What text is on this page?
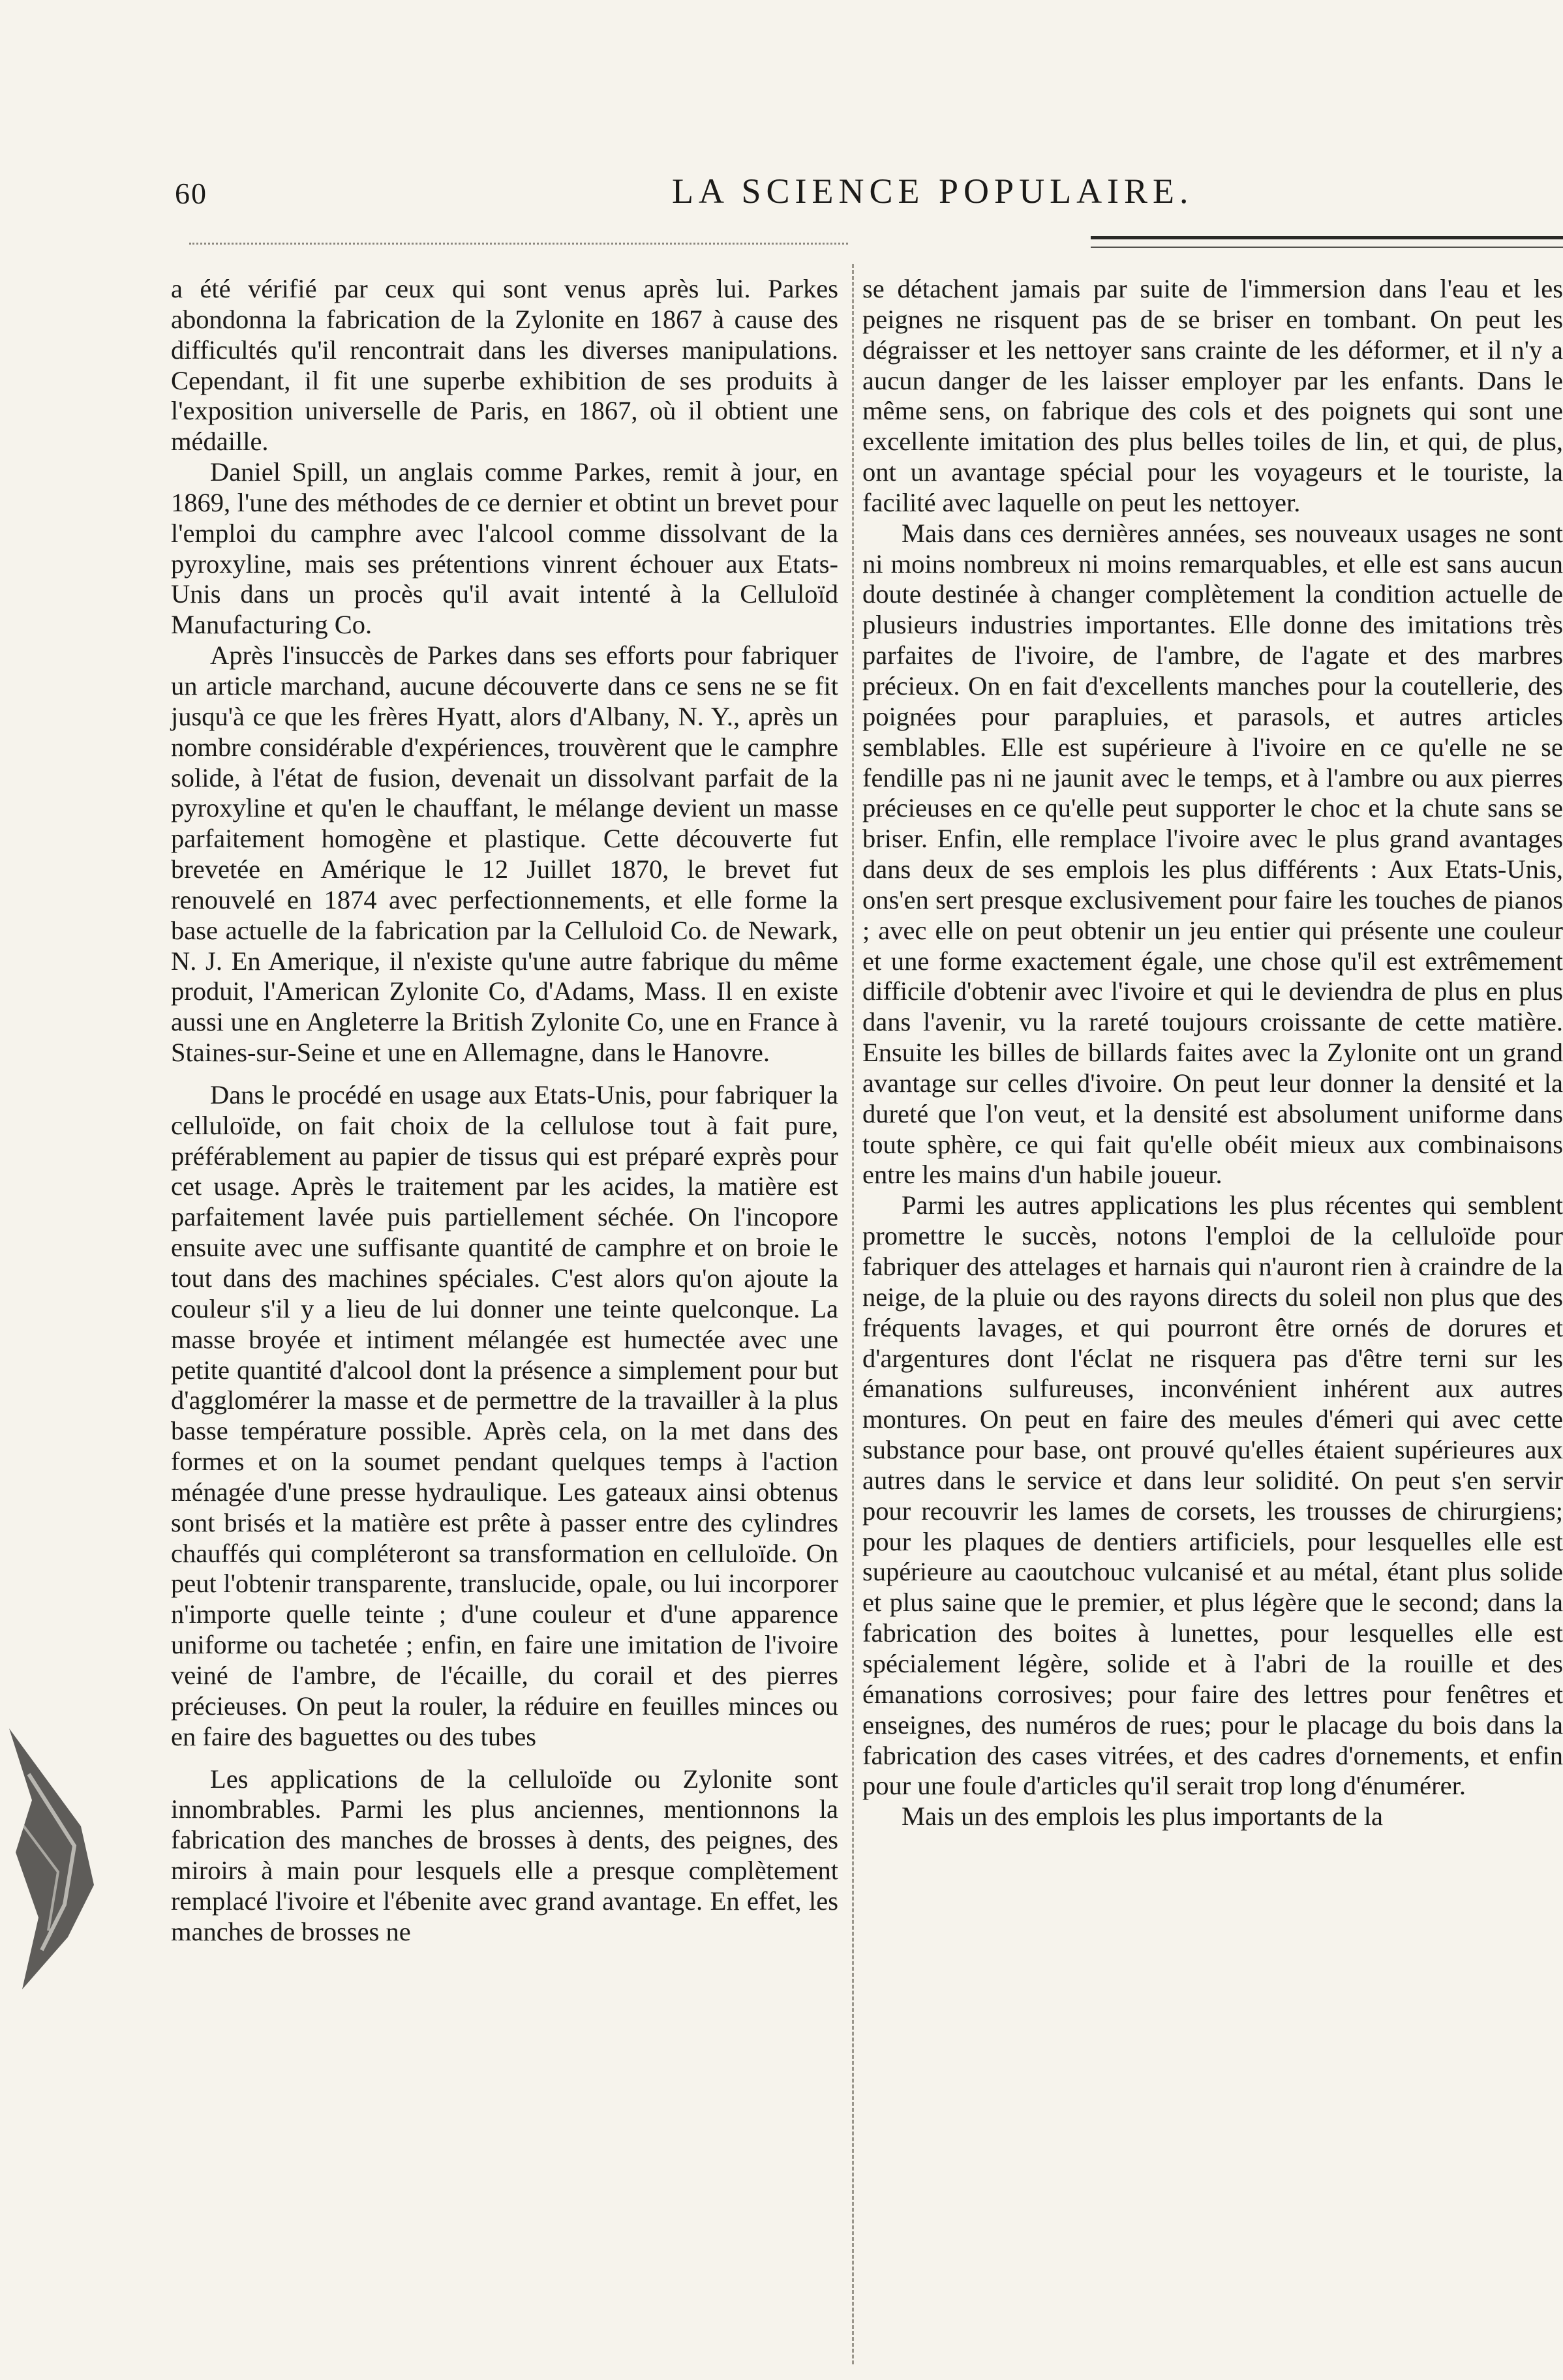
60	LA SCIENCE POPULAIRE.

a été vérifié par ceux qui sont venus après lui. Parkes abondonna la fabrication de la Zylonite en 1867 à cause des difficultés qu'il rencontrait dans les diverses manipulations. Cependant, il fit une superbe exhibition de ses produits à l'exposition universelle de Paris, en 1867, où il obtient une médaille.

Daniel Spill, un anglais comme Parkes, remit à jour, en 1869, l'une des méthodes de ce dernier et obtint un brevet pour l'emploi du camphre avec l'alcool comme dissolvant de la pyroxyline, mais ses prétentions vinrent échouer aux Etats-Unis dans un procès qu'il avait intenté à la Celluloïd Manufacturing Co.

Après l'insuccès de Parkes dans ses efforts pour fabriquer un article marchand, aucune découverte dans ce sens ne se fit jusqu'à ce que les frères Hyatt, alors d'Albany, N. Y., après un nombre considérable d'expériences, trouvèrent que le camphre solide, à l'état de fusion, devenait un dissolvant parfait de la pyroxyline et qu'en le chauffant, le mélange devient un masse parfaitement homogène et plastique. Cette découverte fut brevetée en Amérique le 12 Juillet 1870, le brevet fut renouvelé en 1874 avec perfectionnements, et elle forme la base actuelle de la fabrication par la Celluloid Co. de Newark, N. J. En Amerique, il n'existe qu'une autre fabrique du même produit, l'American Zylonite Co, d'Adams, Mass. Il en existe aussi une en Angleterre la British Zylonite Co, une en France à Staines-sur-Seine et une en Allemagne, dans le Hanovre.

Dans le procédé en usage aux Etats-Unis, pour fabriquer la celluloïde, on fait choix de la cellulose tout à fait pure, préférablement au papier de tissus qui est préparé exprès pour cet usage. Après le traitement par les acides, la matière est parfaitement lavée puis partiellement séchée. On l'incopore ensuite avec une suffisante quantité de camphre et on broie le tout dans des machines spéciales. C'est alors qu'on ajoute la couleur s'il y a lieu de lui donner une teinte quelconque. La masse broyée et intiment mélangée est humectée avec une petite quantité d'alcool dont la présence a simplement pour but d'agglomérer la masse et de permettre de la travailler à la plus basse température possible. Après cela, on la met dans des formes et on la soumet pendant quelques temps à l'action ménagée d'une presse hydraulique. Les gateaux ainsi obtenus sont brisés et la matière est prête à passer entre des cylindres chauffés qui compléteront sa transformation en celluloïde. On peut l'obtenir transparente, translucide, opale, ou lui incorporer n'importe quelle teinte ; d'une couleur et d'une apparence uniforme ou tachetée ; enfin, en faire une imitation de l'ivoire veiné de l'ambre, de l'écaille, du corail et des pierres précieuses. On peut la rouler, la réduire en feuilles minces ou en faire des baguettes ou des tubes

Les applications de la celluloïde ou Zylonite sont innombrables. Parmi les plus anciennes, mentionnons la fabrication des manches de brosses à dents, des peignes, des miroirs à main pour lesquels elle a presque complètement remplacé l'ivoire et l'ébenite avec grand avantage. En effet, les manches de brosses ne

se détachent jamais par suite de l'immersion dans l'eau et les peignes ne risquent pas de se briser en tombant. On peut les dégraisser et les nettoyer sans crainte de les déformer, et il n'y a aucun danger de les laisser employer par les enfants. Dans le même sens, on fabrique des cols et des poignets qui sont une excellente imitation des plus belles toiles de lin, et qui, de plus, ont un avantage spécial pour les voyageurs et le touriste, la facilité avec laquelle on peut les nettoyer.

Mais dans ces dernières années, ses nouveaux usages ne sont ni moins nombreux ni moins remarquables, et elle est sans aucun doute destinée à changer complètement la condition actuelle de plusieurs industries importantes. Elle donne des imitations très parfaites de l'ivoire, de l'ambre, de l'agate et des marbres précieux. On en fait d'excellents manches pour la coutellerie, des poignées pour parapluies, et parasols, et autres articles semblables. Elle est supérieure à l'ivoire en ce qu'elle ne se fendille pas ni ne jaunit avec le temps, et à l'ambre ou aux pierres précieuses en ce qu'elle peut supporter le choc et la chute sans se briser. Enfin, elle remplace l'ivoire avec le plus grand avantages dans deux de ses emplois les plus différents : Aux Etats-Unis, ons'en sert presque exclusivement pour faire les touches de pianos ; avec elle on peut obtenir un jeu entier qui présente une couleur et une forme exactement égale, une chose qu'il est extrêmement difficile d'obtenir avec l'ivoire et qui le deviendra de plus en plus dans l'avenir, vu la rareté toujours croissante de cette matière. Ensuite les billes de billards faites avec la Zylonite ont un grand avantage sur celles d'ivoire. On peut leur donner la densité et la dureté que l'on veut, et la densité est absolument uniforme dans toute sphère, ce qui fait qu'elle obéit mieux aux combinaisons entre les mains d'un habile joueur.

Parmi les autres applications les plus récentes qui semblent promettre le succès, notons l'emploi de la celluloïde pour fabriquer des attelages et harnais qui n'auront rien à craindre de la neige, de la pluie ou des rayons directs du soleil non plus que des fréquents lavages, et qui pourront être ornés de dorures et d'argentures dont l'éclat ne risquera pas d'être terni sur les émanations sulfureuses, inconvénient inhérent aux autres montures. On peut en faire des meules d'émeri qui avec cette substance pour base, ont prouvé qu'elles étaient supérieures aux autres dans le service et dans leur solidité. On peut s'en servir pour recouvrir les lames de corsets, les trousses de chirurgiens; pour les plaques de dentiers artificiels, pour lesquelles elle est supérieure au caoutchouc vulcanisé et au métal, étant plus solide et plus saine que le premier, et plus légère que le second; dans la fabrication des boites à lunettes, pour lesquelles elle est spécialement légère, solide et à l'abri de la rouille et des émanations corrosives; pour faire des lettres pour fenêtres et enseignes, des numéros de rues; pour le placage du bois dans la fabrication des cases vitrées, et des cadres d'ornements, et enfin pour une foule d'articles qu'il serait trop long d'énumérer.

Mais un des emplois les plus importants de la
